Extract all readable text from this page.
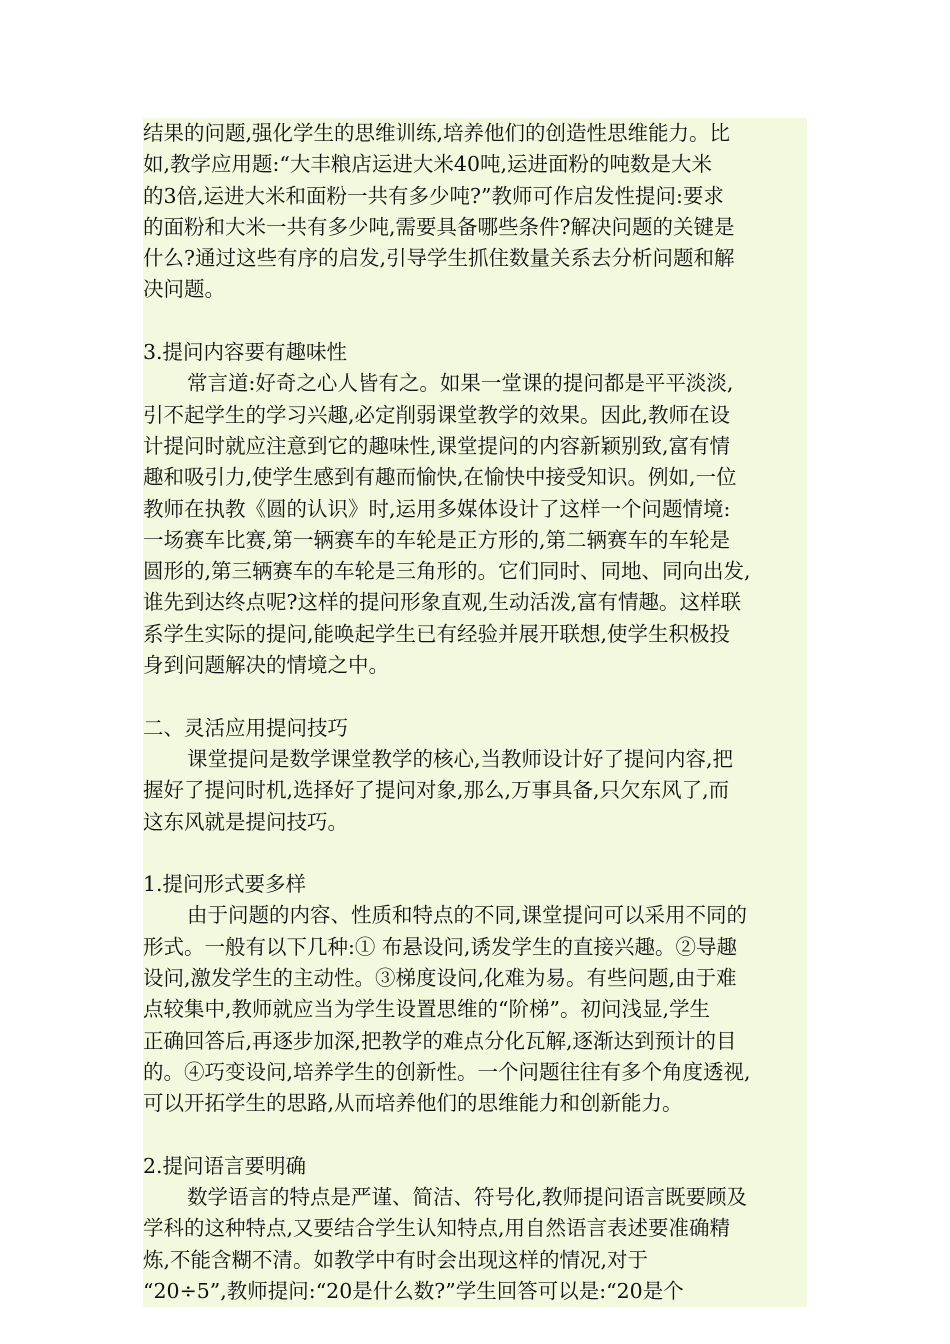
结果的问题,强化学生的思维训练,培养他们的创造性思维能力。比
如,教学应用题:“大丰粮店运进大米40吨,运进面粉的吨数是大米
的3倍,运进大米和面粉一共有多少吨?”教师可作启发性提问:要求
的面粉和大米一共有多少吨,需要具备哪些条件?解决问题的关键是
什么?通过这些有序的启发,引导学生抓住数量关系去分析问题和解
决问题。
3.提问内容要有趣味性
常言道:好奇之心人皆有之。如果一堂课的提问都是平平淡淡,
引不起学生的学习兴趣,必定削弱课堂教学的效果。因此,教师在设
计提问时就应注意到它的趣味性,课堂提问的内容新颖别致,富有情
趣和吸引力,使学生感到有趣而愉快,在愉快中接受知识。例如,一位
教师在执教《圆的认识》时,运用多媒体设计了这样一个问题情境:
一场赛车比赛,第一辆赛车的车轮是正方形的,第二辆赛车的车轮是
圆形的,第三辆赛车的车轮是三角形的。它们同时、同地、同向出发,
谁先到达终点呢?这样的提问形象直观,生动活泼,富有情趣。这样联
系学生实际的提问,能唤起学生已有经验并展开联想,使学生积极投
身到问题解决的情境之中。
二、灵活应用提问技巧
课堂提问是数学课堂教学的核心,当教师设计好了提问内容,把
握好了提问时机,选择好了提问对象,那么,万事具备,只欠东风了,而
这东风就是提问技巧。
1.提问形式要多样
由于问题的内容、性质和特点的不同,课堂提问可以采用不同的
形式。一般有以下几种:① 布悬设问,诱发学生的直接兴趣。②导趣
设问,激发学生的主动性。③梯度设问,化难为易。有些问题,由于难
点较集中,教师就应当为学生设置思维的“阶梯”。初问浅显,学生
正确回答后,再逐步加深,把教学的难点分化瓦解,逐渐达到预计的目
的。④巧变设问,培养学生的创新性。一个问题往往有多个角度透视,
可以开拓学生的思路,从而培养他们的思维能力和创新能力。
2.提问语言要明确
数学语言的特点是严谨、简洁、符号化,教师提问语言既要顾及
学科的这种特点,又要结合学生认知特点,用自然语言表述要准确精
炼,不能含糊不清。如教学中有时会出现这样的情况,对于
“20÷5”,教师提问:“20是什么数?”学生回答可以是:“20是个
